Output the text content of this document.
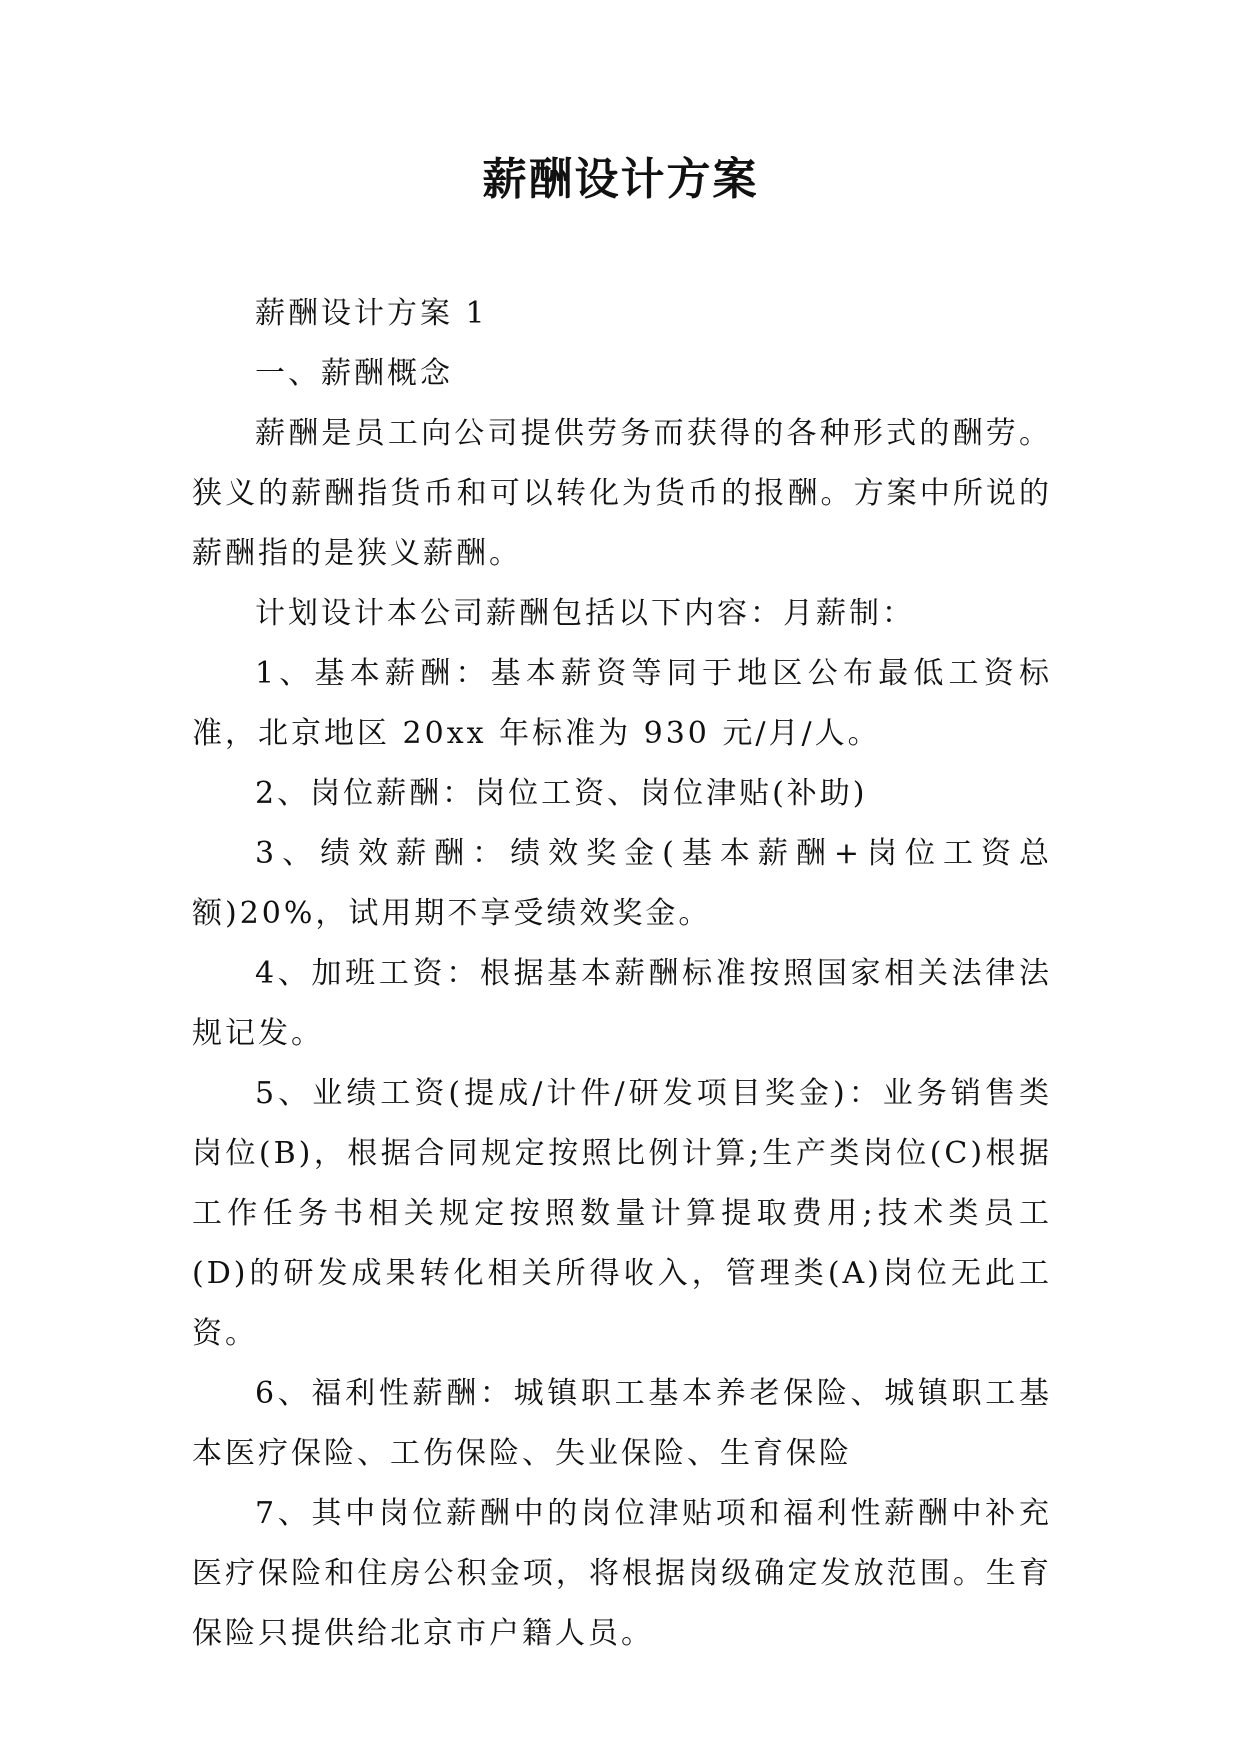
薪酬设计方案

薪酬设计方案 1

一、薪酬概念

薪酬是员工向公司提供劳务而获得的各种形式的酬劳。狭义的薪酬指货币和可以转化为货币的报酬。方案中所说的薪酬指的是狭义薪酬。

计划设计本公司薪酬包括以下内容：月薪制：

1、基本薪酬：基本薪资等同于地区公布最低工资标准，北京地区 20xx 年标准为 930 元/月/人。

2、岗位薪酬：岗位工资、岗位津贴(补助)

3、绩效薪酬：绩效奖金(基本薪酬+岗位工资总额)20%，试用期不享受绩效奖金。

4、加班工资：根据基本薪酬标准按照国家相关法律法规记发。

5、业绩工资(提成/计件/研发项目奖金)：业务销售类岗位(B)，根据合同规定按照比例计算;生产类岗位(C)根据工作任务书相关规定按照数量计算提取费用;技术类员工(D)的研发成果转化相关所得收入，管理类(A)岗位无此工资。

6、福利性薪酬：城镇职工基本养老保险、城镇职工基本医疗保险、工伤保险、失业保险、生育保险

7、其中岗位薪酬中的岗位津贴项和福利性薪酬中补充医疗保险和住房公积金项，将根据岗级确定发放范围。生育保险只提供给北京市户籍人员。
